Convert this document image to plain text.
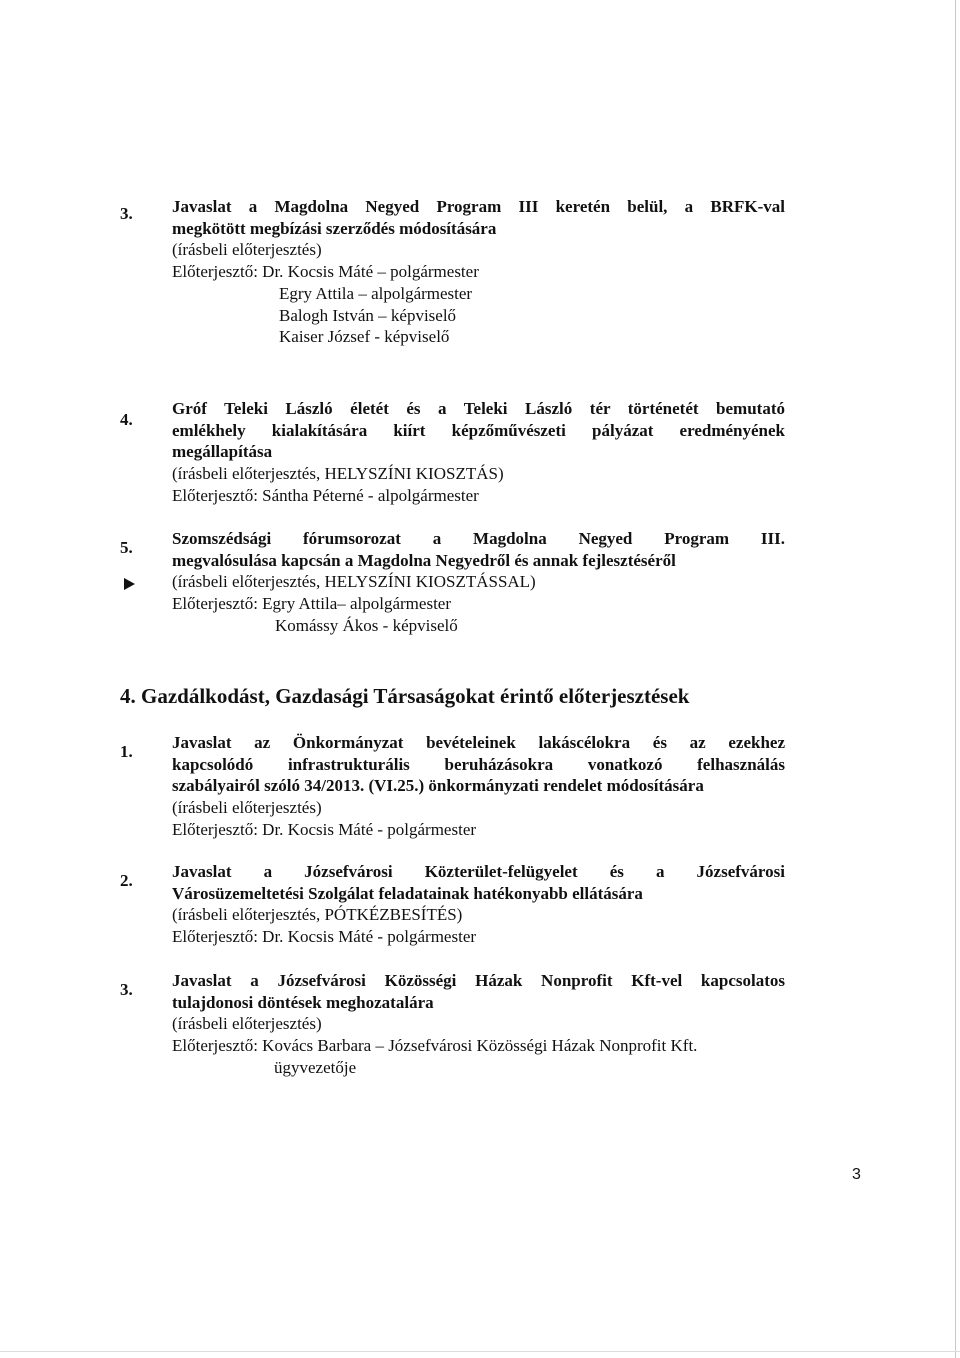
3. Javaslat a Magdolna Negyed Program III keretén belül, a BRFK-val
megkötött megbízási szerződés módosítására
(írásbeli előterjesztés)
Előterjesztő: Dr. Kocsis Máté – polgármester
Egry Attila – alpolgármester
Balogh István – képviselő
Kaiser József - képviselő
4.
Gróf Teleki László életét és a Teleki László tér történetét bemutató
emlékhely kialakítására kiírt képzőművészeti pályázat eredményének
megállapítása
(írásbeli előterjesztés, HELYSZÍNI KIOSZTÁS)
Előterjesztő: Sántha Péterné - alpolgármester
5. Szomszédsági fórumsorozat a Magdolna Negyed Program III.
megvalósulása kapcsán a Magdolna Negyedről és annak fejlesztéséről
(írásbeli előterjesztés, HELYSZÍNI KIOSZTÁSSAL)
Előterjesztő: Egry Attila– alpolgármester
Komássy Ákos - képviselő
4. Gazdálkodást, Gazdasági Társaságokat érintő előterjesztések
1. Javaslat az Önkormányzat bevételeinek lakáscélokra és az ezekhez
kapcsolódó infrastrukturális beruházásokra vonatkozó felhasználás
szabályairól szóló 34/2013. (VI.25.) önkormányzati rendelet módosítására
(írásbeli előterjesztés)
Előterjesztő: Dr. Kocsis Máté - polgármester
2. Javaslat a Józsefvárosi Közterület-felügyelet és a Józsefvárosi
Városüzemeltetési Szolgálat feladatainak hatékonyabb ellátására
(írásbeli előterjesztés, PÓTKÉZBESÍTÉS)
Előterjesztő: Dr. Kocsis Máté - polgármester
3. Javaslat a Józsefvárosi Közösségi Házak Nonprofit Kft-vel kapcsolatos
tulajdonosi döntések meghozatalára
(írásbeli előterjesztés)
Előterjesztő: Kovács Barbara – Józsefvárosi Közösségi Házak Nonprofit Kft.
ügyvezetője
3
